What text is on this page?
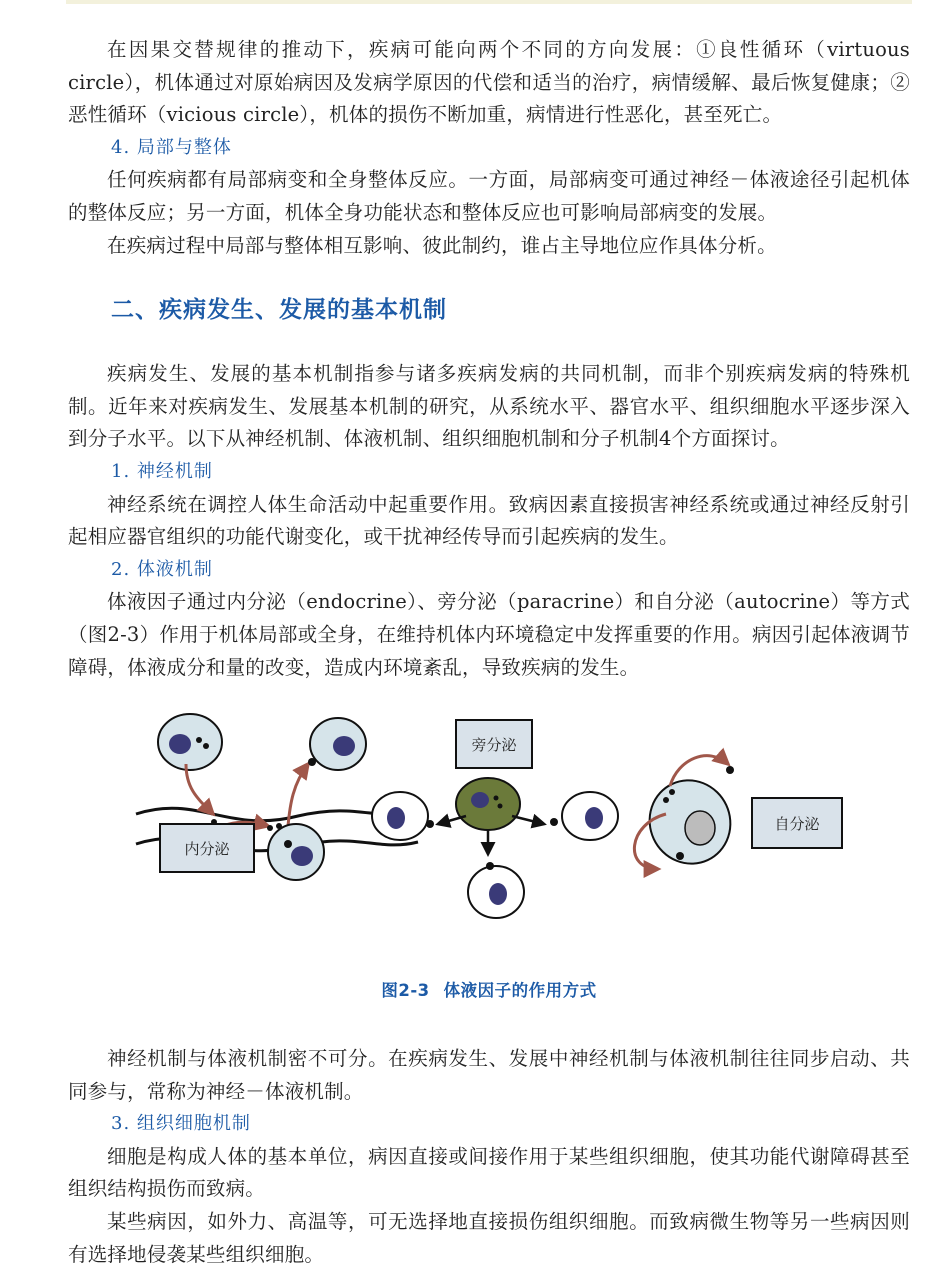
在因果交替规律的推动下，疾病可能向两个不同的方向发展：①良性循环（virtuous circle），机体通过对原始病因及发病学原因的代偿和适当的治疗，病情缓解、最后恢复健康；②恶性循环（vicious circle），机体的损伤不断加重，病情进行性恶化，甚至死亡。

4. 局部与整体

任何疾病都有局部病变和全身整体反应。一方面，局部病变可通过神经－体液途径引起机体的整体反应；另一方面，机体全身功能状态和整体反应也可影响局部病变的发展。

在疾病过程中局部与整体相互影响、彼此制约，谁占主导地位应作具体分析。

二、疾病发生、发展的基本机制

疾病发生、发展的基本机制指参与诸多疾病发病的共同机制，而非个别疾病发病的特殊机制。近年来对疾病发生、发展基本机制的研究，从系统水平、器官水平、组织细胞水平逐步深入到分子水平。以下从神经机制、体液机制、组织细胞机制和分子机制4个方面探讨。

1. 神经机制

神经系统在调控人体生命活动中起重要作用。致病因素直接损害神经系统或通过神经反射引起相应器官组织的功能代谢变化，或干扰神经传导而引起疾病的发生。

2. 体液机制

体液因子通过内分泌（endocrine）、旁分泌（paracrine）和自分泌（autocrine）等方式（图2-3）作用于机体局部或全身，在维持机体内环境稳定中发挥重要的作用。病因引起体液调节障碍，体液成分和量的改变，造成内环境紊乱，导致疾病的发生。

内分泌
旁分泌
自分泌
图2-3 体液因子的作用方式

神经机制与体液机制密不可分。在疾病发生、发展中神经机制与体液机制往往同步启动、共同参与，常称为神经－体液机制。

3. 组织细胞机制

细胞是构成人体的基本单位，病因直接或间接作用于某些组织细胞，使其功能代谢障碍甚至组织结构损伤而致病。

某些病因，如外力、高温等，可无选择地直接损伤组织细胞。而致病微生物等另一些病因则有选择地侵袭某些组织细胞。
